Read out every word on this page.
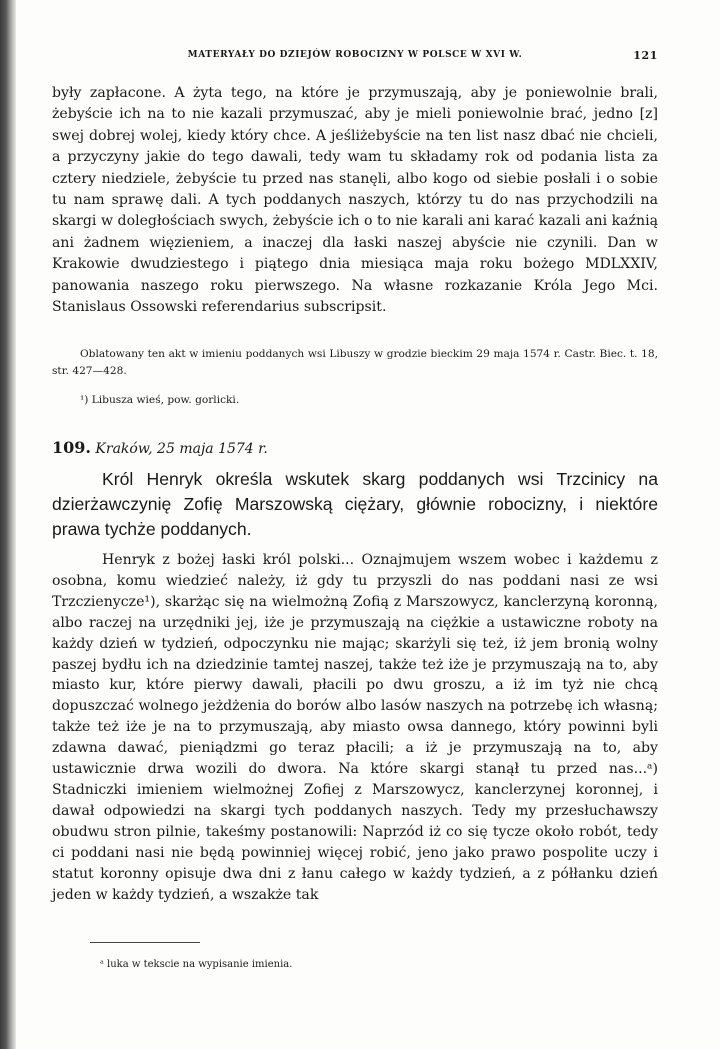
MATERYAŁY DO DZIEJÓW ROBOCIZNY W POLSCE W XVI W.	121

były zapłacone. A żyta tego, na które je przymuszają, aby je poniewolnie brali, żebyście ich na to nie kazali przymuszać, aby je mieli poniewolnie brać, jedno [z] swej dobrej wolej, kiedy który chce. A jeśliżebyście na ten list nasz dbać nie chcieli, a przyczyny jakie do tego dawali, tedy wam tu składamy rok od podania lista za cztery niedziele, żebyście tu przed nas stanęli, albo kogo od siebie posłali i o sobie tu nam sprawę dali. A tych poddanych naszych, którzy tu do nas przychodzili na skargi w doległościach swych, żebyście ich o to nie karali ani karać kazali ani kaźnią ani żadnem więzieniem, a inaczej dla łaski naszej abyście nie czynili. Dan w Krakowie dwudziestego i piątego dnia miesiąca maja roku bożego MDLXXIV, panowania naszego roku pierwszego. Na własne rozkazanie Króla Jego Mci. Stanislaus Ossowski referendarius subscripsit.

Oblatowany ten akt w imieniu poddanych wsi Libuszy w grodzie bieckim 29 maja 1574 r. Castr. Biec. t. 18, str. 427—428.

¹) Libusza wieś, pow. gorlicki.

109. Kraków, 25 maja 1574 r.

Król Henryk określa wskutek skarg poddanych wsi Trzcinicy na dzierżawczynię Zofię Marszowską ciężary, głównie robocizny, i niektóre prawa tychże poddanych.

Henryk z bożej łaski król polski... Oznajmujem wszem wobec i każdemu z osobna, komu wiedzieć należy, iż gdy tu przyszli do nas poddani nasi ze wsi Trzczienycze¹), skarżąc się na wielmożną Zofią z Marszowycz, kanclerzyną koronną, albo raczej na urzędniki jej, iże je przymuszają na ciężkie a ustawiczne roboty na każdy dzień w tydzień, odpoczynku nie mając; skarżyli się też, iż jem bronią wolny paszej bydłu ich na dziedzinie tamtej naszej, także też iże je przymuszają na to, aby miasto kur, które pierwy dawali, płacili po dwu groszu, a iż im tyż nie chcą dopuszczać wolnego jeżdżenia do borów albo lasów naszych na potrzebę ich własną; także też iże je na to przymuszają, aby miasto owsa dannego, który powinni byli zdawna dawać, pieniądzmi go teraz płacili; a iż je przymuszają na to, aby ustawicznie drwa wozili do dwora. Na które skargi stanął tu przed nas...ᵃ) Stadniczki imieniem wielmożnej Zofiej z Marszowycz, kanclerzynej koronnej, i dawał odpowiedzi na skargi tych poddanych naszych. Tedy my przesłuchawszy obudwu stron pilnie, takeśmy postanowili: Naprzód iż co się tycze około robót, tedy ci poddani nasi nie będą powinniej więcej robić, jeno jako prawo pospolite uczy i statut koronny opisuje dwa dni z łanu całego w każdy tydzień, a z półłanku dzień jeden w każdy tydzień, a wszakże tak

ᵃ luka w tekscie na wypisanie imienia.
